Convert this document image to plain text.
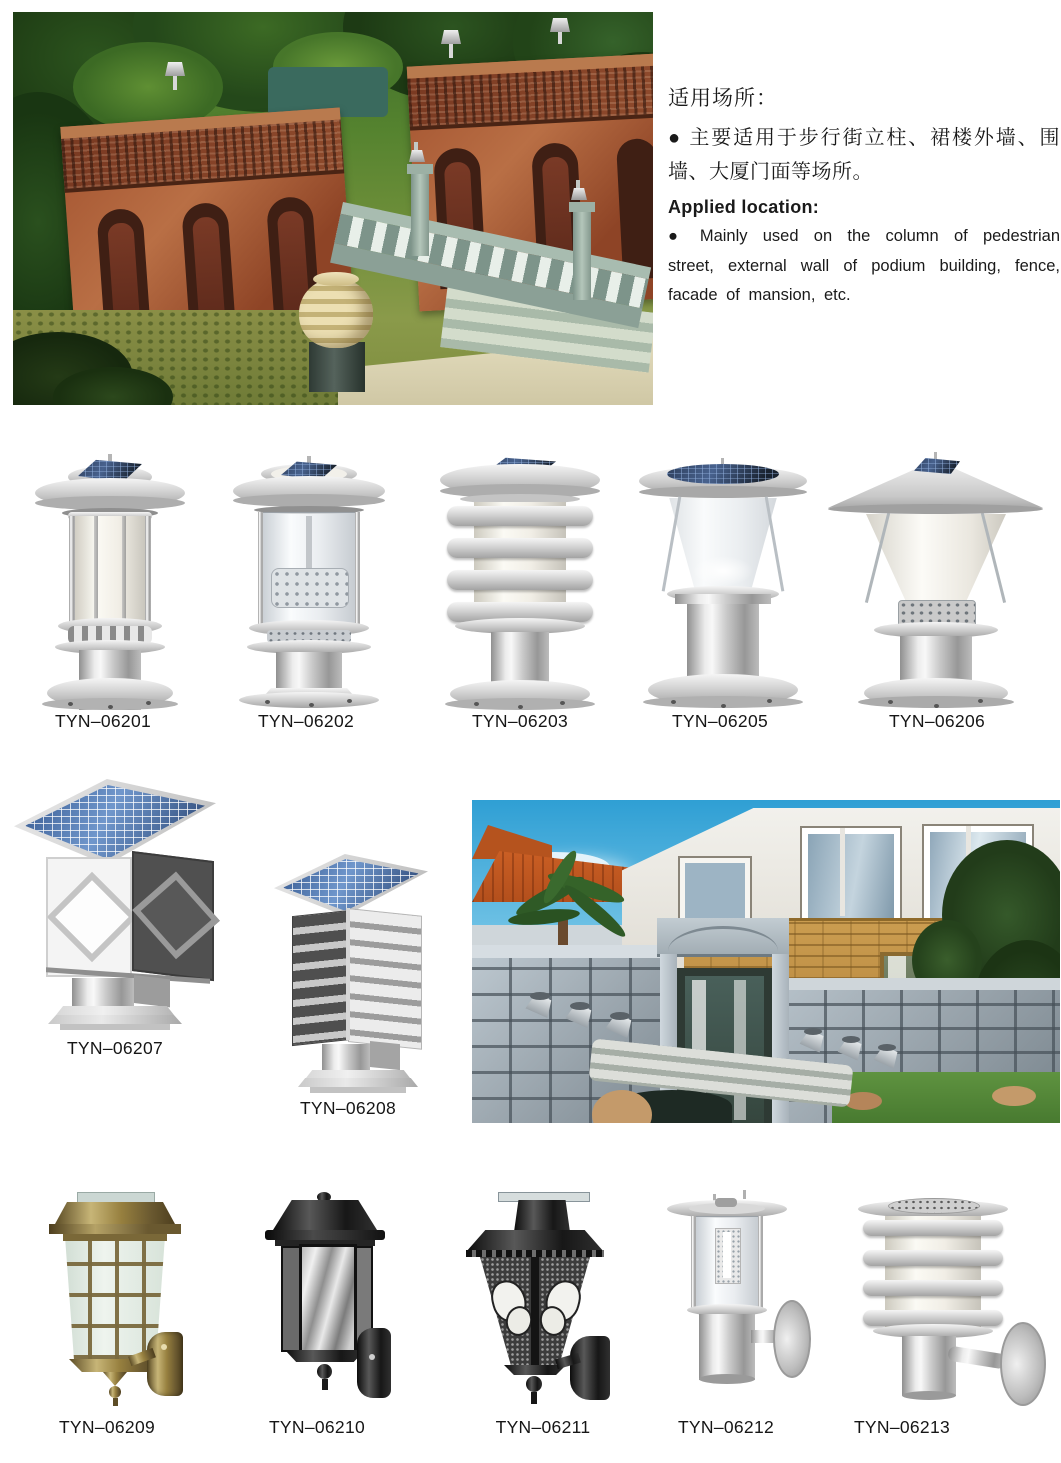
适用场所：
● 主要适用于步行街立柱、裙楼外墙、围墙、大厦门面等场所。
Applied location:
● Mainly used on the column of pedestrian street, external wall of podium building, fence, facade of mansion, etc.
TYN–06201	TYN–06202	TYN–06203	TYN–06205	TYN–06206
TYN–06207
TYN–06208
TYN–06209	TYN–06210	TYN–06211	TYN–06212	TYN–06213
